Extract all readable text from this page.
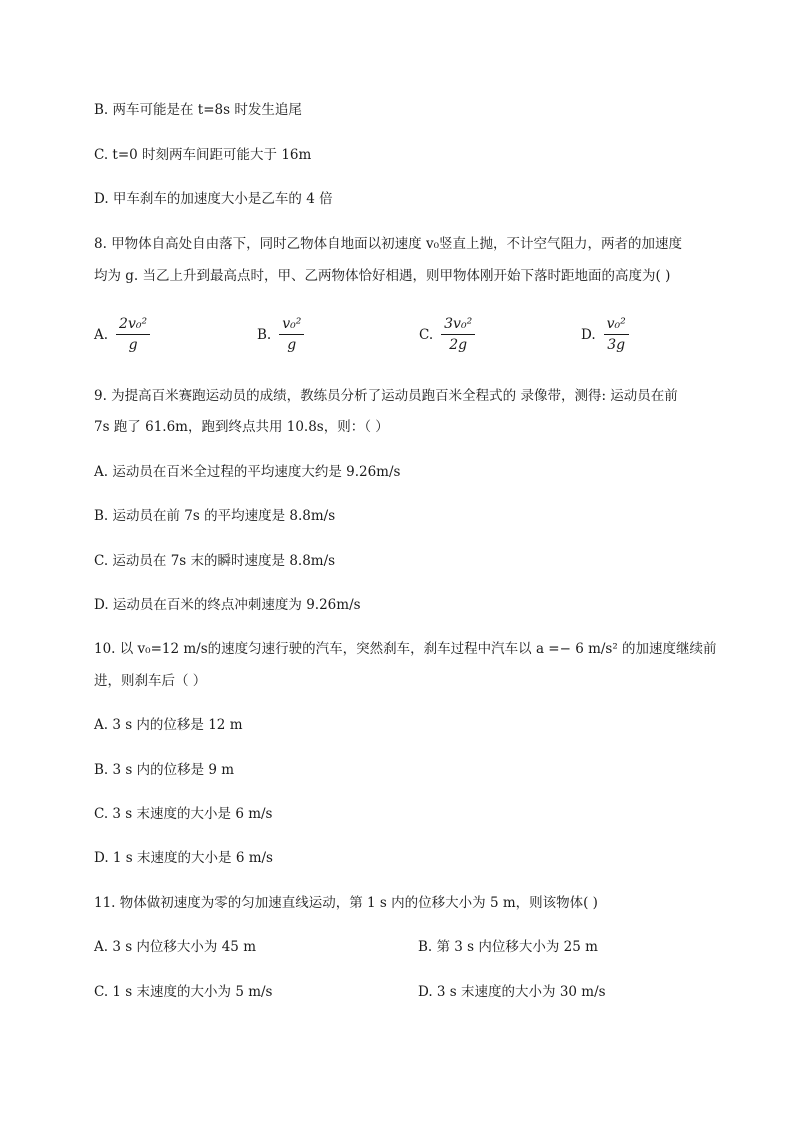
B. 两车可能是在 t=8s 时发生追尾
C. t=0 时刻两车间距可能大于 16m
D. 甲车刹车的加速度大小是乙车的 4 倍
8. 甲物体自高处自由落下，同时乙物体自地面以初速度 v₀竖直上抛，不计空气阻力，两者的加速度
均为 g. 当乙上升到最高点时，甲、乙两物体恰好相遇，则甲物体刚开始下落时距地面的高度为( )
A. $\frac{\text{2v₀²}}{g}$	B. $\frac{\text{v₀²}}{g}$	C. $\frac{\text{3v₀²}}{2g}$	D. $\frac{\text{v₀²}}{3g}$
9. 为提高百米赛跑运动员的成绩，教练员分析了运动员跑百米全程式的 录像带，测得: 运动员在前
7s 跑了 61.6m，跑到终点共用 10.8s，则：（ ）
A. 运动员在百米全过程的平均速度大约是 9.26m/s
B. 运动员在前 7s 的平均速度是 8.8m/s
C. 运动员在 7s 末的瞬时速度是 8.8m/s
D. 运动员在百米的终点冲刺速度为 9.26m/s
10. 以 v₀=12 m/s的速度匀速行驶的汽车，突然刹车，刹车过程中汽车以 a =− 6 m/s² 的加速度继续前
进，则刹车后（ ）
A. 3 s 内的位移是 12 m
B. 3 s 内的位移是 9 m
C. 3 s 末速度的大小是 6 m/s
D. 1 s 末速度的大小是 6 m/s
11. 物体做初速度为零的匀加速直线运动，第 1 s 内的位移大小为 5 m，则该物体( )
A. 3 s 内位移大小为 45 m	B. 第 3 s 内位移大小为 25 m
C. 1 s 末速度的大小为 5 m/s	D. 3 s 末速度的大小为 30 m/s
